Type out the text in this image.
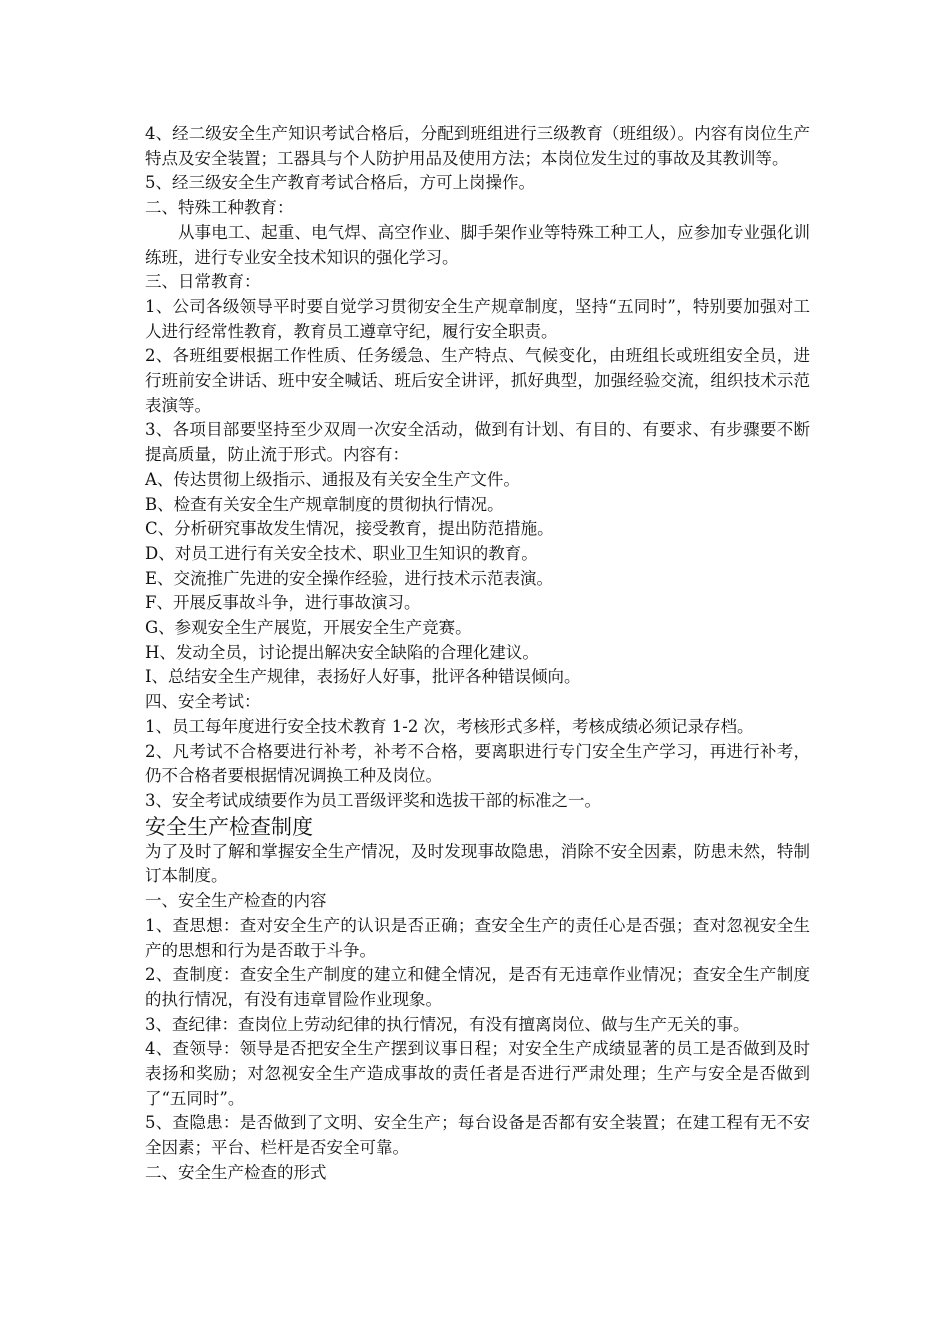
4、经二级安全生产知识考试合格后，分配到班组进行三级教育（班组级）。内容有岗位生产特点及安全装置；工器具与个人防护用品及使用方法；本岗位发生过的事故及其教训等。

5、经三级安全生产教育考试合格后，方可上岗操作。

二、特殊工种教育：

从事电工、起重、电气焊、高空作业、脚手架作业等特殊工种工人，应参加专业强化训练班，进行专业安全技术知识的强化学习。

三、日常教育：

1、公司各级领导平时要自觉学习贯彻安全生产规章制度，坚持“五同时”，特别要加强对工人进行经常性教育，教育员工遵章守纪，履行安全职责。

2、各班组要根据工作性质、任务缓急、生产特点、气候变化，由班组长或班组安全员，进行班前安全讲话、班中安全喊话、班后安全讲评，抓好典型，加强经验交流，组织技术示范表演等。

3、各项目部要坚持至少双周一次安全活动，做到有计划、有目的、有要求、有步骤要不断提高质量，防止流于形式。内容有：

A、传达贯彻上级指示、通报及有关安全生产文件。

B、检查有关安全生产规章制度的贯彻执行情况。

C、分析研究事故发生情况，接受教育，提出防范措施。

D、对员工进行有关安全技术、职业卫生知识的教育。

E、交流推广先进的安全操作经验，进行技术示范表演。

F、开展反事故斗争，进行事故演习。

G、参观安全生产展览，开展安全生产竞赛。

H、发动全员，讨论提出解决安全缺陷的合理化建议。

I、总结安全生产规律，表扬好人好事，批评各种错误倾向。

四、安全考试：

1、员工每年度进行安全技术教育 1-2 次，考核形式多样，考核成绩必须记录存档。

2、凡考试不合格要进行补考，补考不合格，要离职进行专门安全生产学习，再进行补考，仍不合格者要根据情况调换工种及岗位。

3、安全考试成绩要作为员工晋级评奖和选拔干部的标准之一。

安全生产检查制度

为了及时了解和掌握安全生产情况，及时发现事故隐患，消除不安全因素，防患未然，特制订本制度。

一、安全生产检查的内容

1、查思想：查对安全生产的认识是否正确；查安全生产的责任心是否强；查对忽视安全生产的思想和行为是否敢于斗争。

2、查制度：查安全生产制度的建立和健全情况，是否有无违章作业情况；查安全生产制度的执行情况，有没有违章冒险作业现象。

3、查纪律：查岗位上劳动纪律的执行情况，有没有擅离岗位、做与生产无关的事。

4、查领导：领导是否把安全生产摆到议事日程；对安全生产成绩显著的员工是否做到及时表扬和奖励；对忽视安全生产造成事故的责任者是否进行严肃处理；生产与安全是否做到了“五同时”。

5、查隐患：是否做到了文明、安全生产；每台设备是否都有安全装置；在建工程有无不安全因素；平台、栏杆是否安全可靠。

二、安全生产检查的形式
